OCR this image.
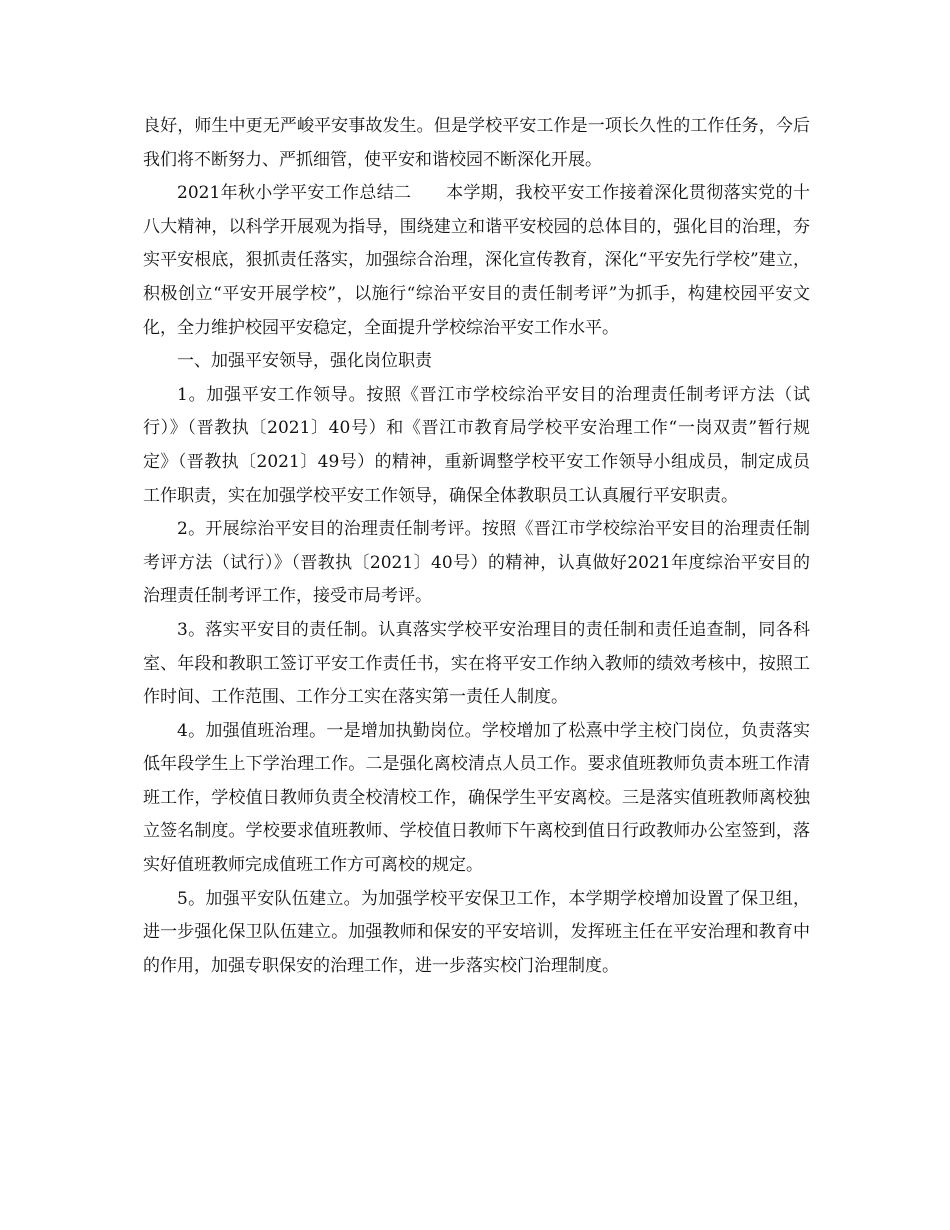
良好，师生中更无严峻平安事故发生。但是学校平安工作是一项长久性的工作任务，今后我们将不断努力、严抓细管，使平安和谐校园不断深化开展。

2021年秋小学平安工作总结二　　本学期，我校平安工作接着深化贯彻落实党的十八大精神，以科学开展观为指导，围绕建立和谐平安校园的总体目的，强化目的治理，夯实平安根底，狠抓责任落实，加强综合治理，深化宣传教育，深化“平安先行学校”建立，积极创立“平安开展学校”，以施行“综治平安目的责任制考评”为抓手，构建校园平安文化，全力维护校园平安稳定，全面提升学校综治平安工作水平。

一、加强平安领导，强化岗位职责

1。加强平安工作领导。按照《晋江市学校综治平安目的治理责任制考评方法（试行）》（晋教执〔2021〕40号）和《晋江市教育局学校平安治理工作“一岗双责”暂行规定》（晋教执〔2021〕49号）的精神，重新调整学校平安工作领导小组成员，制定成员工作职责，实在加强学校平安工作领导，确保全体教职员工认真履行平安职责。

2。开展综治平安目的治理责任制考评。按照《晋江市学校综治平安目的治理责任制考评方法（试行）》（晋教执〔2021〕40号）的精神，认真做好2021年度综治平安目的治理责任制考评工作，接受市局考评。

3。落实平安目的责任制。认真落实学校平安治理目的责任制和责任追查制，同各科室、年段和教职工签订平安工作责任书，实在将平安工作纳入教师的绩效考核中，按照工作时间、工作范围、工作分工实在落实第一责任人制度。

4。加强值班治理。一是增加执勤岗位。学校增加了松熹中学主校门岗位，负责落实低年段学生上下学治理工作。二是强化离校清点人员工作。要求值班教师负责本班工作清班工作，学校值日教师负责全校清校工作，确保学生平安离校。三是落实值班教师离校独立签名制度。学校要求值班教师、学校值日教师下午离校到值日行政教师办公室签到，落实好值班教师完成值班工作方可离校的规定。

5。加强平安队伍建立。为加强学校平安保卫工作，本学期学校增加设置了保卫组，进一步强化保卫队伍建立。加强教师和保安的平安培训，发挥班主任在平安治理和教育中的作用，加强专职保安的治理工作，进一步落实校门治理制度。
